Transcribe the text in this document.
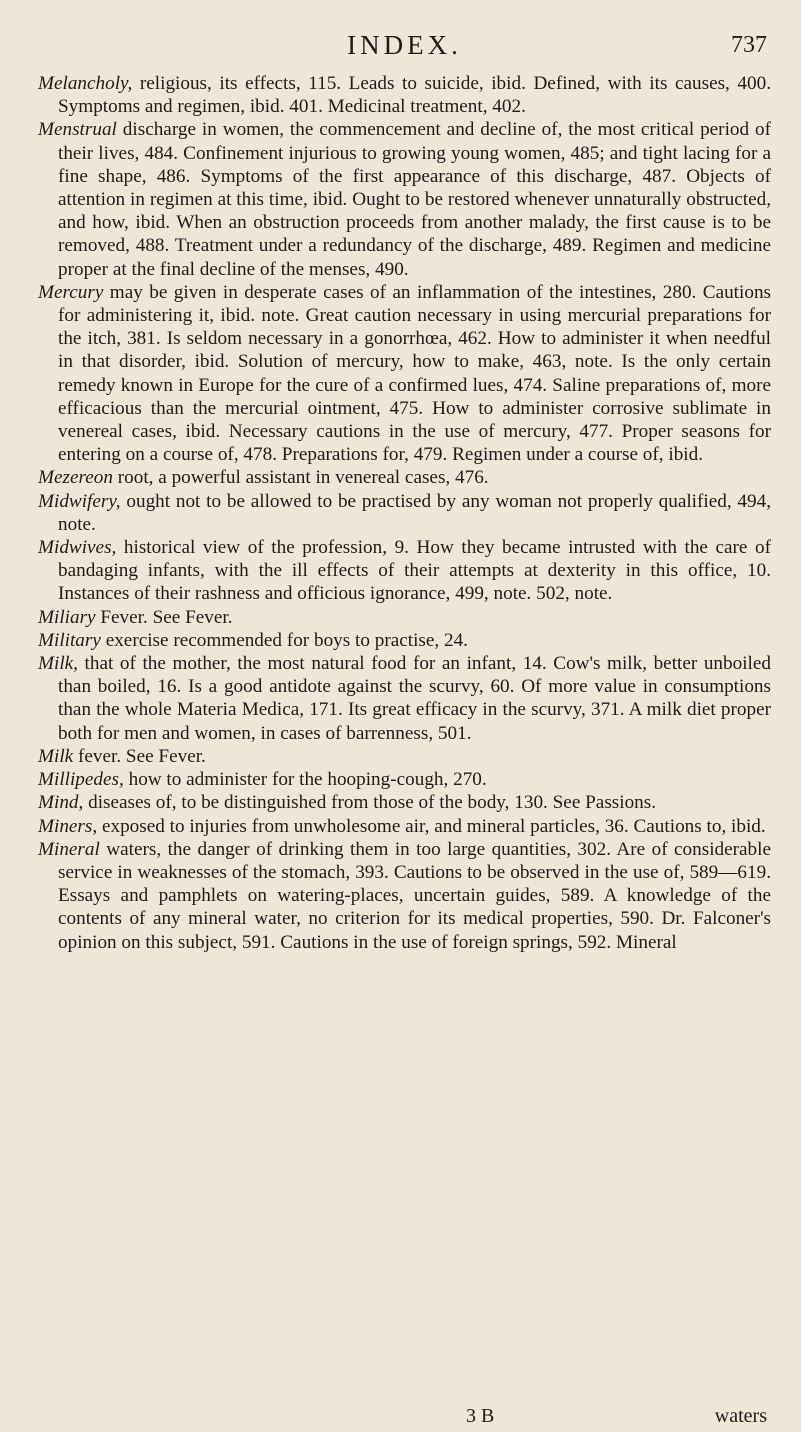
INDEX.	737

Melancholy, religious, its effects, 115. Leads to suicide, ibid. Defined, with its causes, 400. Symptoms and regimen, ibid. 401. Medicinal treatment, 402.

Menstrual discharge in women, the commencement and decline of, the most critical period of their lives, 484. Confinement injurious to growing young women, 485; and tight lacing for a fine shape, 486. Symptoms of the first appearance of this discharge, 487. Objects of attention in regimen at this time, ibid. Ought to be restored whenever unnaturally obstructed, and how, ibid. When an obstruction proceeds from another malady, the first cause is to be removed, 488. Treatment under a redundancy of the discharge, 489. Regimen and medicine proper at the final decline of the menses, 490.

Mercury may be given in desperate cases of an inflammation of the intestines, 280. Cautions for administering it, ibid. note. Great caution necessary in using mercurial preparations for the itch, 381. Is seldom necessary in a gonorrhœa, 462. How to administer it when needful in that disorder, ibid. Solution of mercury, how to make, 463, note. Is the only certain remedy known in Europe for the cure of a confirmed lues, 474. Saline preparations of, more efficacious than the mercurial ointment, 475. How to administer corrosive sublimate in venereal cases, ibid. Necessary cautions in the use of mercury, 477. Proper seasons for entering on a course of, 478. Preparations for, 479. Regimen under a course of, ibid.

Mezereon root, a powerful assistant in venereal cases, 476.

Midwifery, ought not to be allowed to be practised by any woman not properly qualified, 494, note.

Midwives, historical view of the profession, 9. How they became intrusted with the care of bandaging infants, with the ill effects of their attempts at dexterity in this office, 10. Instances of their rashness and officious ignorance, 499, note. 502, note.

Miliary Fever. See Fever.

Military exercise recommended for boys to practise, 24.

Milk, that of the mother, the most natural food for an infant, 14. Cow's milk, better unboiled than boiled, 16. Is a good antidote against the scurvy, 60. Of more value in consumptions than the whole Materia Medica, 171. Its great efficacy in the scurvy, 371. A milk diet proper both for men and women, in cases of barrenness, 501.

Milk fever. See Fever.

Millipedes, how to administer for the hooping-cough, 270.

Mind, diseases of, to be distinguished from those of the body, 130. See Passions.

Miners, exposed to injuries from unwholesome air, and mineral particles, 36. Cautions to, ibid.

Mineral waters, the danger of drinking them in too large quantities, 302. Are of considerable service in weaknesses of the stomach, 393. Cautions to be observed in the use of, 589—619. Essays and pamphlets on watering-places, uncertain guides, 589. A knowledge of the contents of any mineral water, no criterion for its medical properties, 590. Dr. Falconer's opinion on this subject, 591. Cautions in the use of foreign springs, 592. Mineral

3 B	waters
